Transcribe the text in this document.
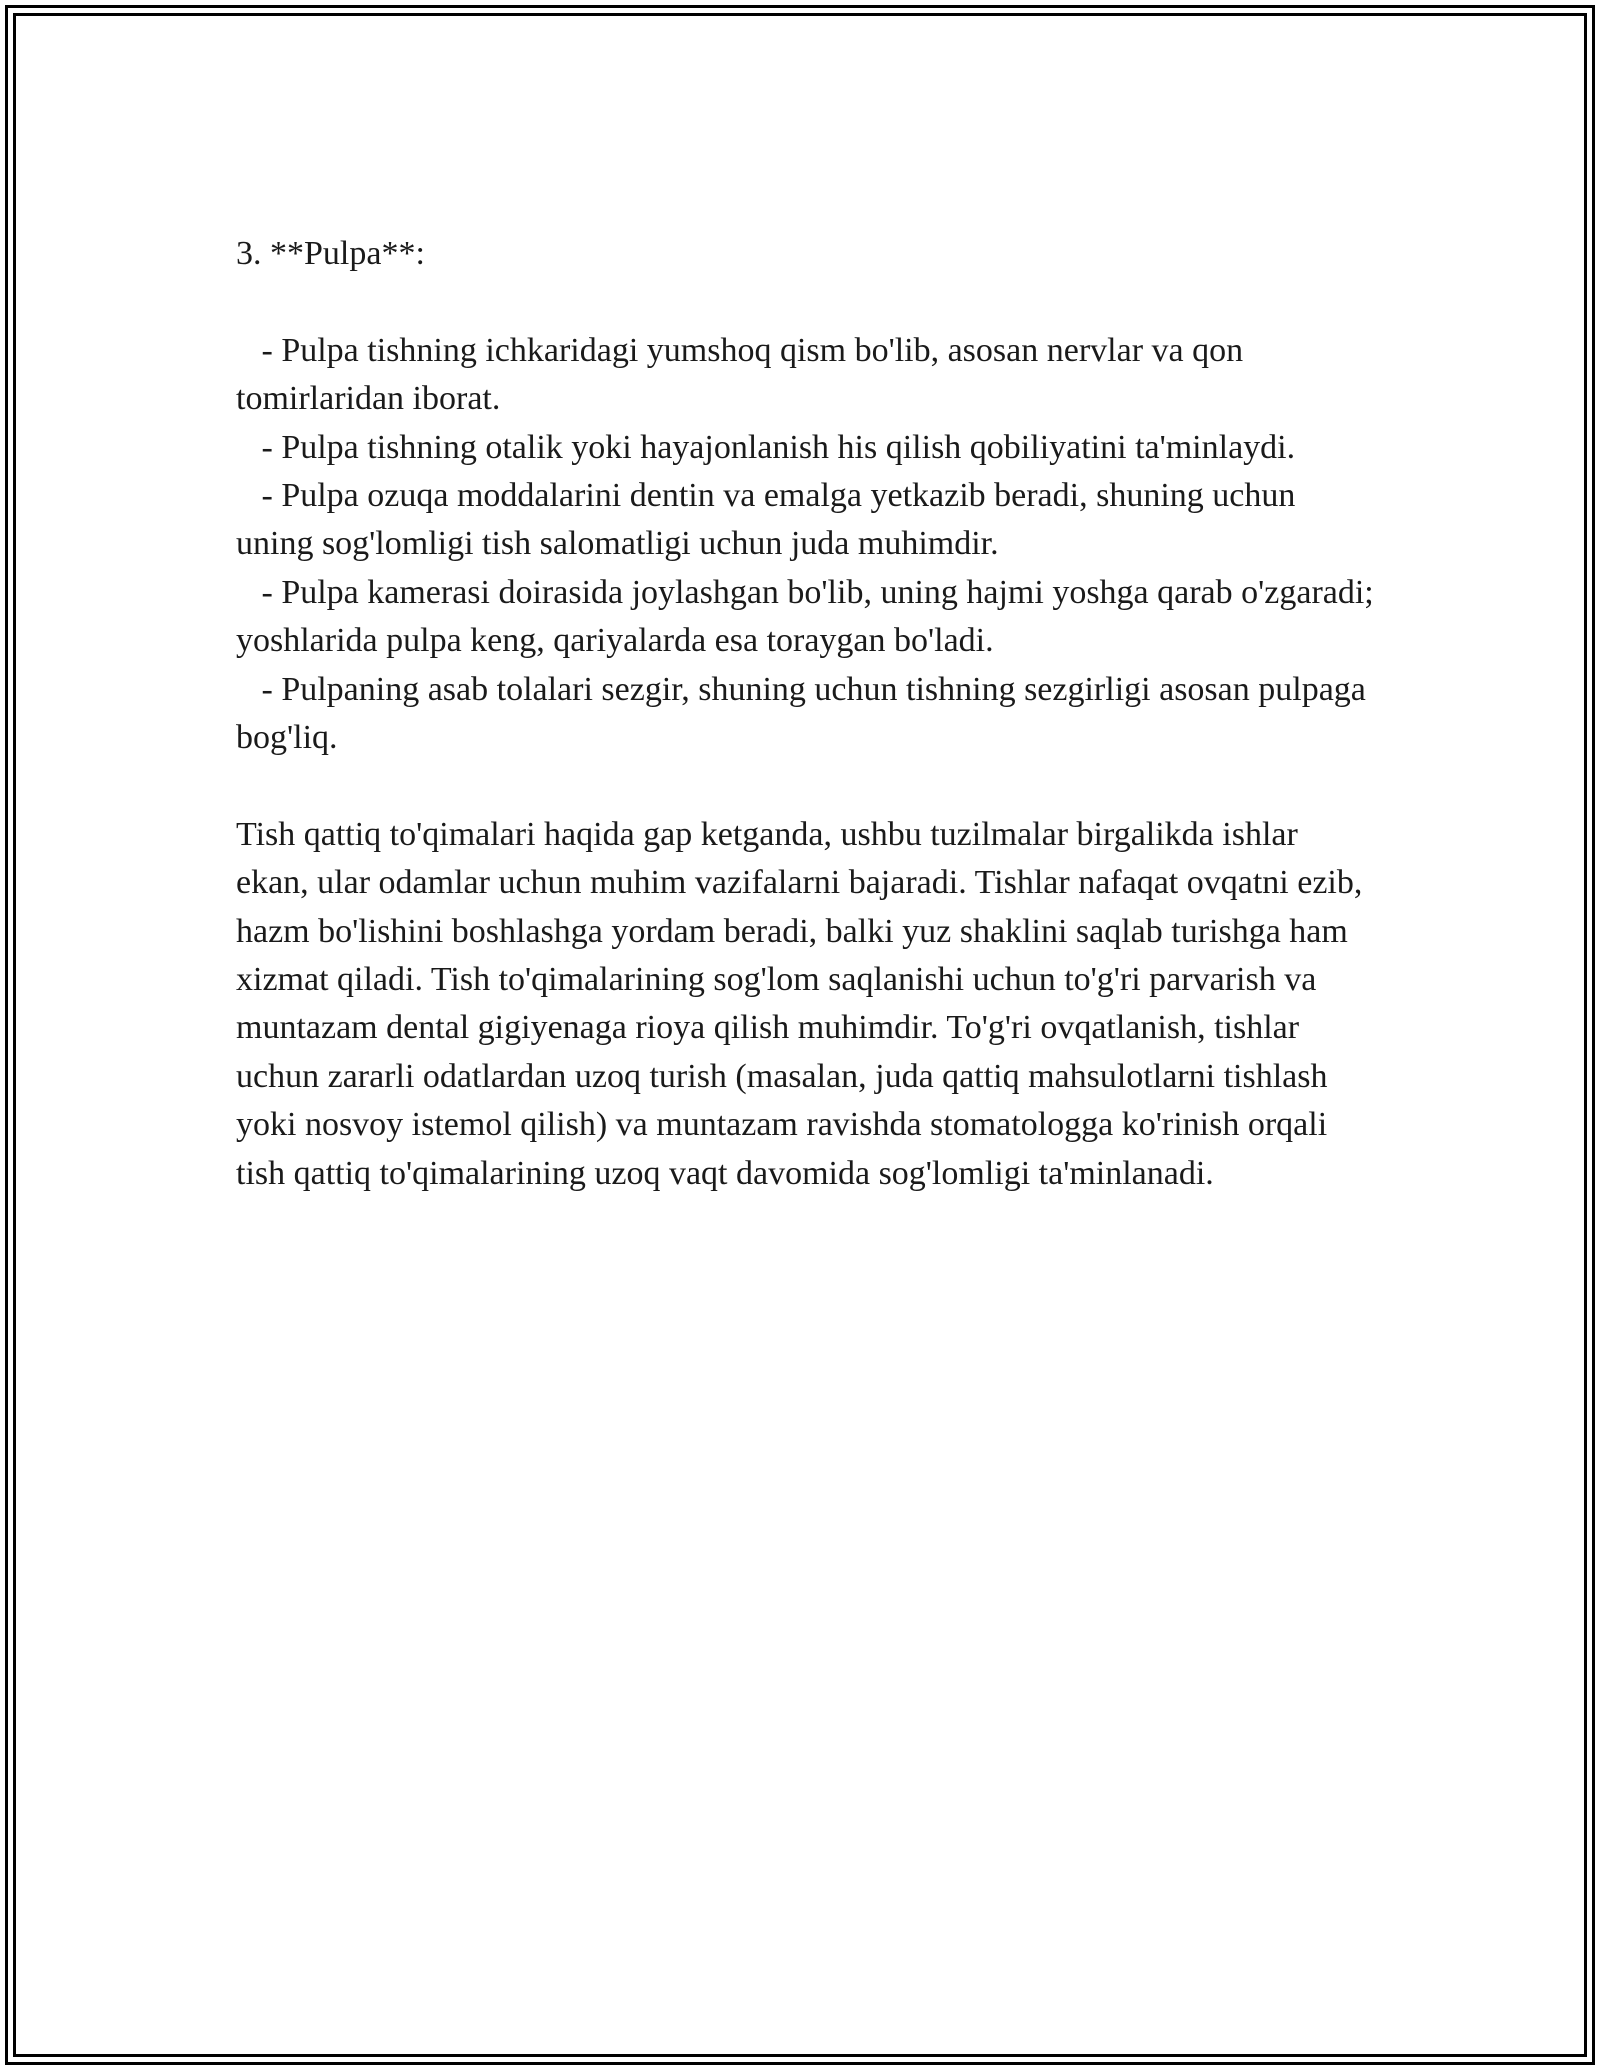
3. **Pulpa**:

- Pulpa tishning ichkaridagi yumshoq qism bo'lib, asosan nervlar va qon tomirlaridan iborat.

- Pulpa tishning otalik yoki hayajonlanish his qilish qobiliyatini ta'minlaydi.

- Pulpa ozuqa moddalarini dentin va emalga yetkazib beradi, shuning uchun uning sog'lomligi tish salomatligi uchun juda muhimdir.

- Pulpa kamerasi doirasida joylashgan bo'lib, uning hajmi yoshga qarab o'zgaradi; yoshlarida pulpa keng, qariyalarda esa toraygan bo'ladi.

- Pulpaning asab tolalari sezgir, shuning uchun tishning sezgirligi asosan pulpaga bog'liq.

Tish qattiq to'qimalari haqida gap ketganda, ushbu tuzilmalar birgalikda ishlar ekan, ular odamlar uchun muhim vazifalarni bajaradi. Tishlar nafaqat ovqatni ezib, hazm bo'lishini boshlashga yordam beradi, balki yuz shaklini saqlab turishga ham xizmat qiladi. Tish to'qimalarining sog'lom saqlanishi uchun to'g'ri parvarish va muntazam dental gigiyenaga rioya qilish muhimdir. To'g'ri ovqatlanish, tishlar uchun zararli odatlardan uzoq turish (masalan, juda qattiq mahsulotlarni tishlash yoki nosvoy istemol qilish) va muntazam ravishda stomatologga ko'rinish orqali tish qattiq to'qimalarining uzoq vaqt davomida sog'lomligi ta'minlanadi.
